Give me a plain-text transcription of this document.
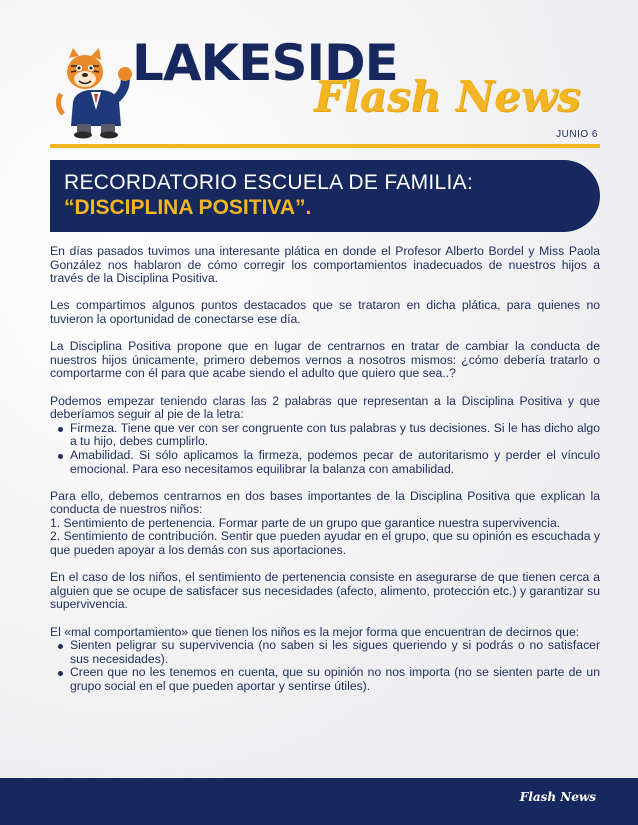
LAKESIDE
Flash News
JUNIO 6
RECORDATORIO ESCUELA DE FAMILIA:
“DISCIPLINA POSITIVA”.

En días pasados tuvimos una interesante plática en donde el Profesor Alberto Bordel y Miss Paola González nos hablaron de cómo corregir los comportamientos inadecuados de nuestros hijos a través de la Disciplina Positiva.

Les compartimos algunos puntos destacados que se trataron en dicha plática, para quienes no tuvieron la oportunidad de conectarse ese día.

La Disciplina Positiva propone que en lugar de centrarnos en tratar de cambiar la conducta de nuestros hijos únicamente, primero debemos vernos a nosotros mismos: ¿cómo debería tratarlo o comportarme con él para que acabe siendo el adulto que quiero que sea..?

Podemos empezar teniendo claras las 2 palabras que representan a la Disciplina Positiva y que deberíamos seguir al pie de la letra:

Firmeza. Tiene que ver con ser congruente con tus palabras y tus decisiones. Si le has dicho algo a tu hijo, debes cumplirlo.
Amabilidad. Si sólo aplicamos la firmeza, podemos pecar de autoritarismo y perder el vínculo emocional. Para eso necesitamos equilibrar la balanza con amabilidad.

Para ello, debemos centrarnos en dos bases importantes de la Disciplina Positiva que explican la conducta de nuestros niños:

1. Sentimiento de pertenencia. Formar parte de un grupo que garantice nuestra supervivencia.

2. Sentimiento de contribución. Sentir que pueden ayudar en el grupo, que su opinión es escuchada y que pueden apoyar a los demás con sus aportaciones.

En el caso de los niños, el sentimiento de pertenencia consiste en asegurarse de que tienen cerca a alguien que se ocupe de satisfacer sus necesidades (afecto, alimento, protección etc.) y garantizar su supervivencia.

El «mal comportamiento» que tienen los niños es la mejor forma que encuentran de decirnos que:

Sienten peligrar su supervivencia (no saben si les sigues queriendo y si podrás o no satisfacer sus necesidades).
Creen que no les tenemos en cuenta, que su opinión no nos importa (no se sienten parte de un grupo social en el que pueden aportar y sentirse útiles).
Flash News
